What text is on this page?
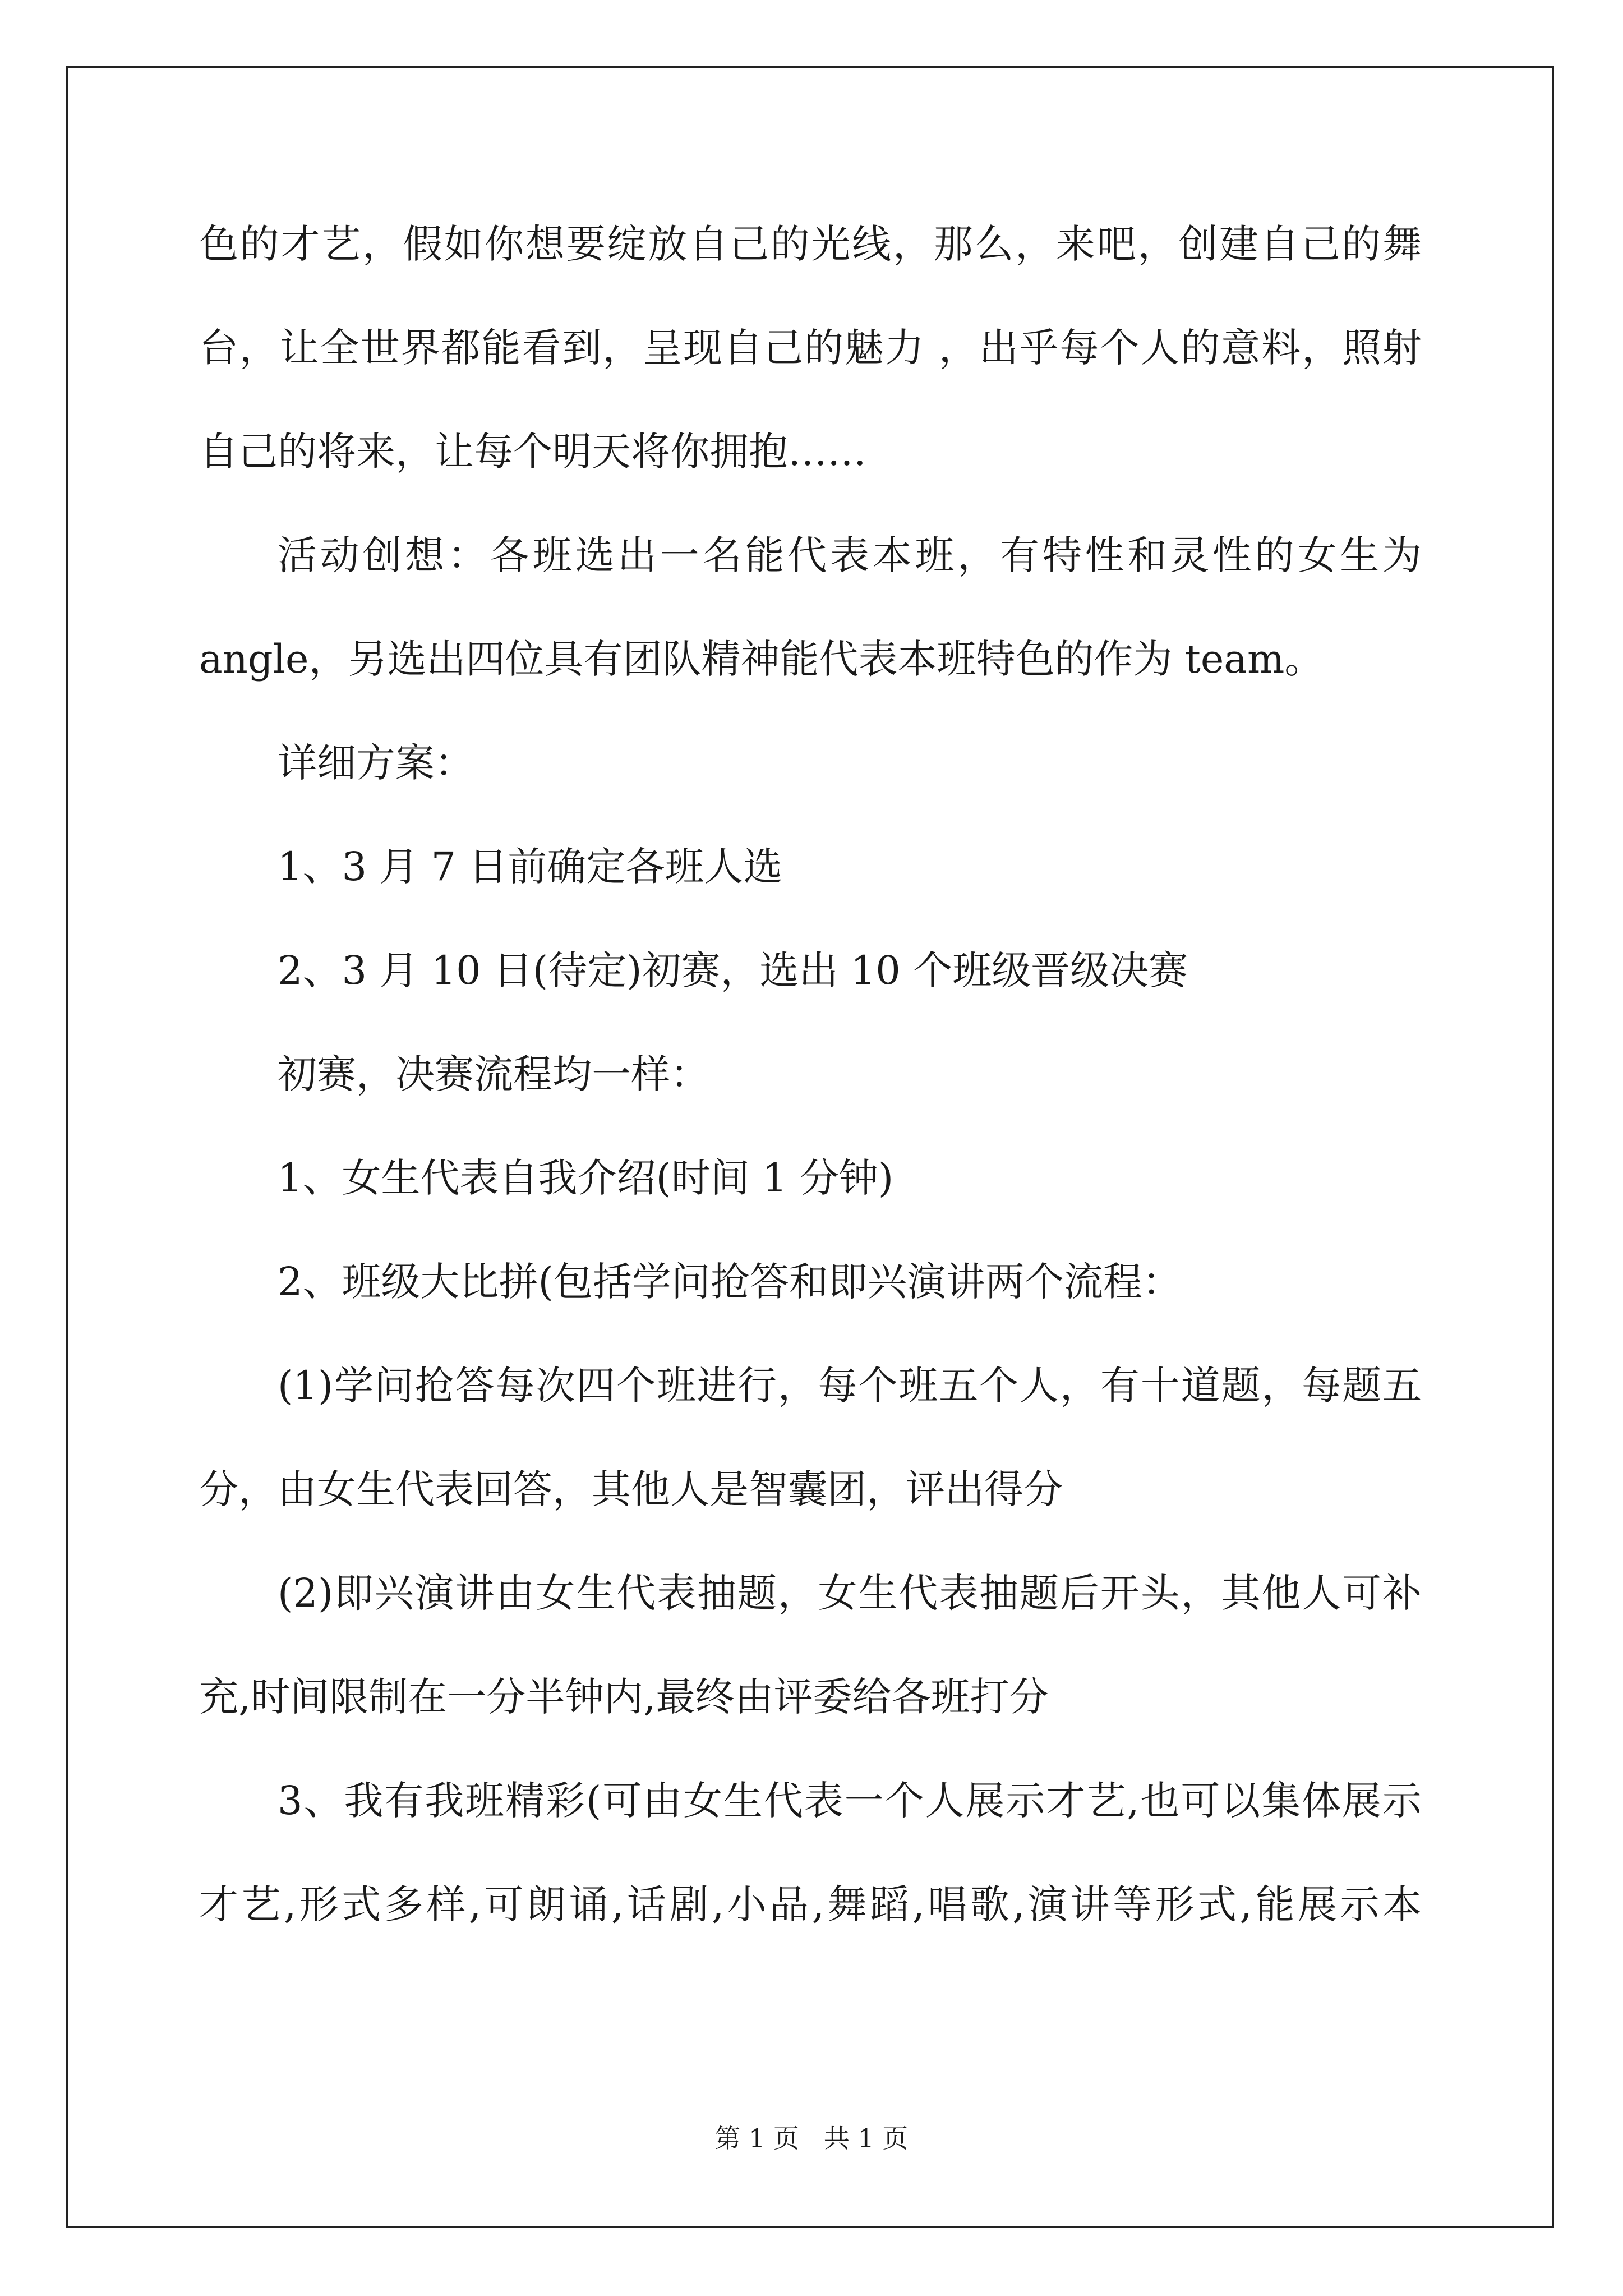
色的才艺，假如你想要绽放自己的光线，那么，来吧，创建自己的舞
台，让全世界都能看到，呈现自己的魅力 ，出乎每个人的意料，照射
自己的将来，让每个明天将你拥抱……
活动创想：各班选出一名能代表本班，有特性和灵性的女生为
angle，另选出四位具有团队精神能代表本班特色的作为 team。
详细方案：
1、3 月 7 日前确定各班人选
2、3 月 10 日(待定)初赛，选出 10 个班级晋级决赛
初赛，决赛流程均一样：
1、女生代表自我介绍(时间 1 分钟)
2、班级大比拼(包括学问抢答和即兴演讲两个流程：
(1)学问抢答每次四个班进行，每个班五个人，有十道题，每题五
分，由女生代表回答，其他人是智囊团，评出得分
(2)即兴演讲由女生代表抽题，女生代表抽题后开头，其他人可补
充,时间限制在一分半钟内,最终由评委给各班打分
3、我有我班精彩(可由女生代表一个人展示才艺,也可以集体展示
才艺,形式多样,可朗诵,话剧,小品,舞蹈,唱歌,演讲等形式,能展示本
第 1 页   共 1 页
